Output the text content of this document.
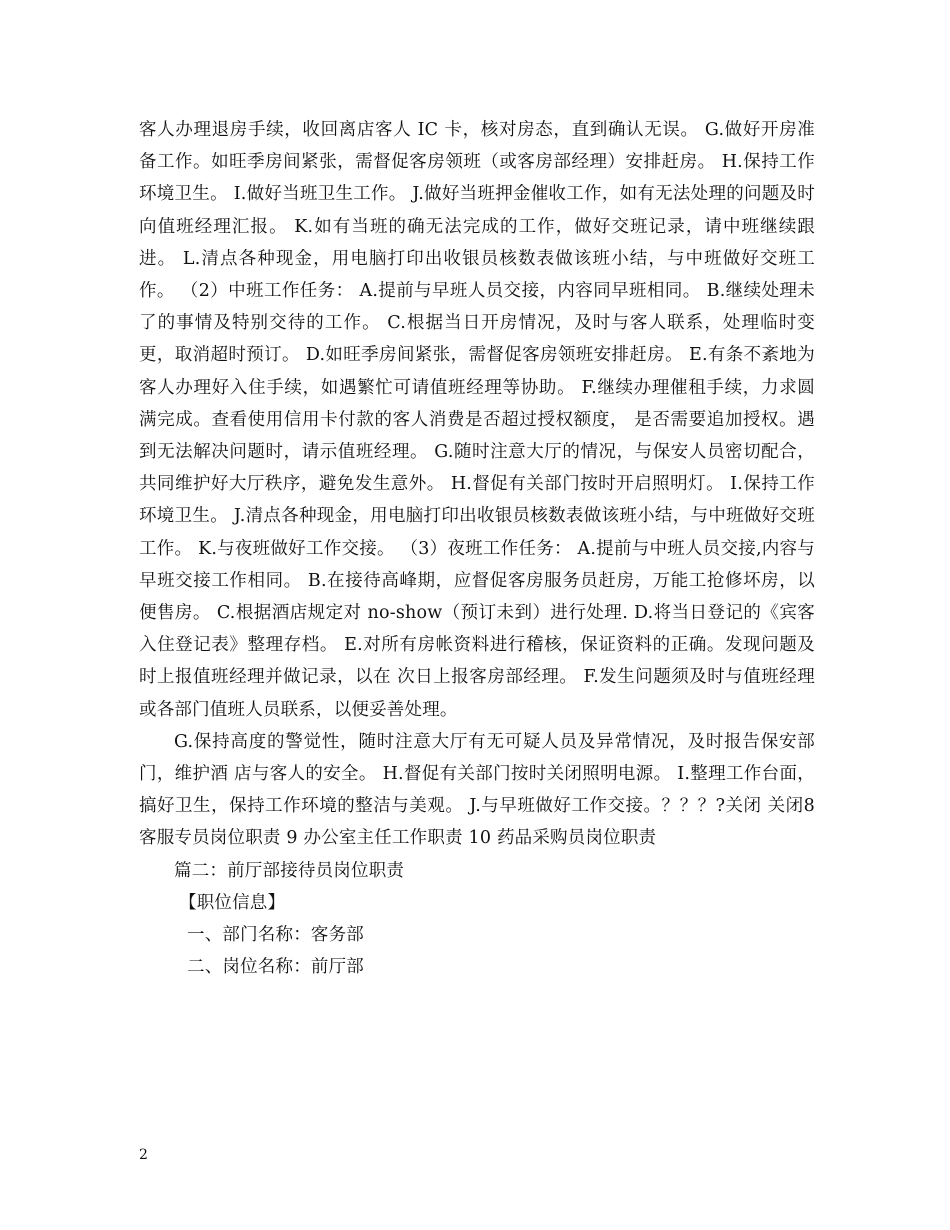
客人办理退房手续，收回离店客人 IC 卡，核对房态，直到确认无误。 G.做好开房准备工作。如旺季房间紧张，需督促客房领班（或客房部经理）安排赶房。 H.保持工作环境卫生。 I.做好当班卫生工作。 J.做好当班押金催收工作，如有无法处理的问题及时向值班经理汇报。 K.如有当班的确无法完成的工作，做好交班记录，请中班继续跟进。 L.清点各种现金，用电脑打印出收银员核数表做该班小结，与中班做好交班工作。 （2）中班工作任务： A.提前与早班人员交接，内容同早班相同。 B.继续处理未了的事情及特别交待的工作。 C.根据当日开房情况，及时与客人联系，处理临时变更，取消超时预订。 D.如旺季房间紧张，需督促客房领班安排赶房。 E.有条不紊地为客人办理好入住手续，如遇繁忙可请值班经理等协助。 F.继续办理催租手续，力求圆满完成。查看使用信用卡付款的客人消费是否超过授权额度， 是否需要追加授权。遇到无法解决问题时，请示值班经理。 G.随时注意大厅的情况，与保安人员密切配合，共同维护好大厅秩序，避免发生意外。 H.督促有关部门按时开启照明灯。 I.保持工作环境卫生。 J.清点各种现金，用电脑打印出收银员核数表做该班小结，与中班做好交班工作。 K.与夜班做好工作交接。 （3）夜班工作任务： A.提前与中班人员交接,内容与早班交接工作相同。 B.在接待高峰期，应督促客房服务员赶房，万能工抢修坏房，以便售房。 C.根据酒店规定对 no-show（预订未到）进行处理. D.将当日登记的《宾客入住登记表》整理存档。 E.对所有房帐资料进行稽核，保证资料的正确。发现问题及时上报值班经理并做记录，以在 次日上报客房部经理。 F.发生问题须及时与值班经理或各部门值班人员联系，以便妥善处理。

G.保持高度的警觉性，随时注意大厅有无可疑人员及异常情况，及时报告保安部门，维护酒 店与客人的安全。 H.督促有关部门按时关闭照明电源。 I.整理工作台面，搞好卫生，保持工作环境的整洁与美观。 J.与早班做好工作交接。？？？?关闭 关闭8 客服专员岗位职责 9 办公室主任工作职责 10 药品采购员岗位职责

篇二：前厅部接待员岗位职责

【职位信息】

一、部门名称：客务部

二、岗位名称：前厅部

2
